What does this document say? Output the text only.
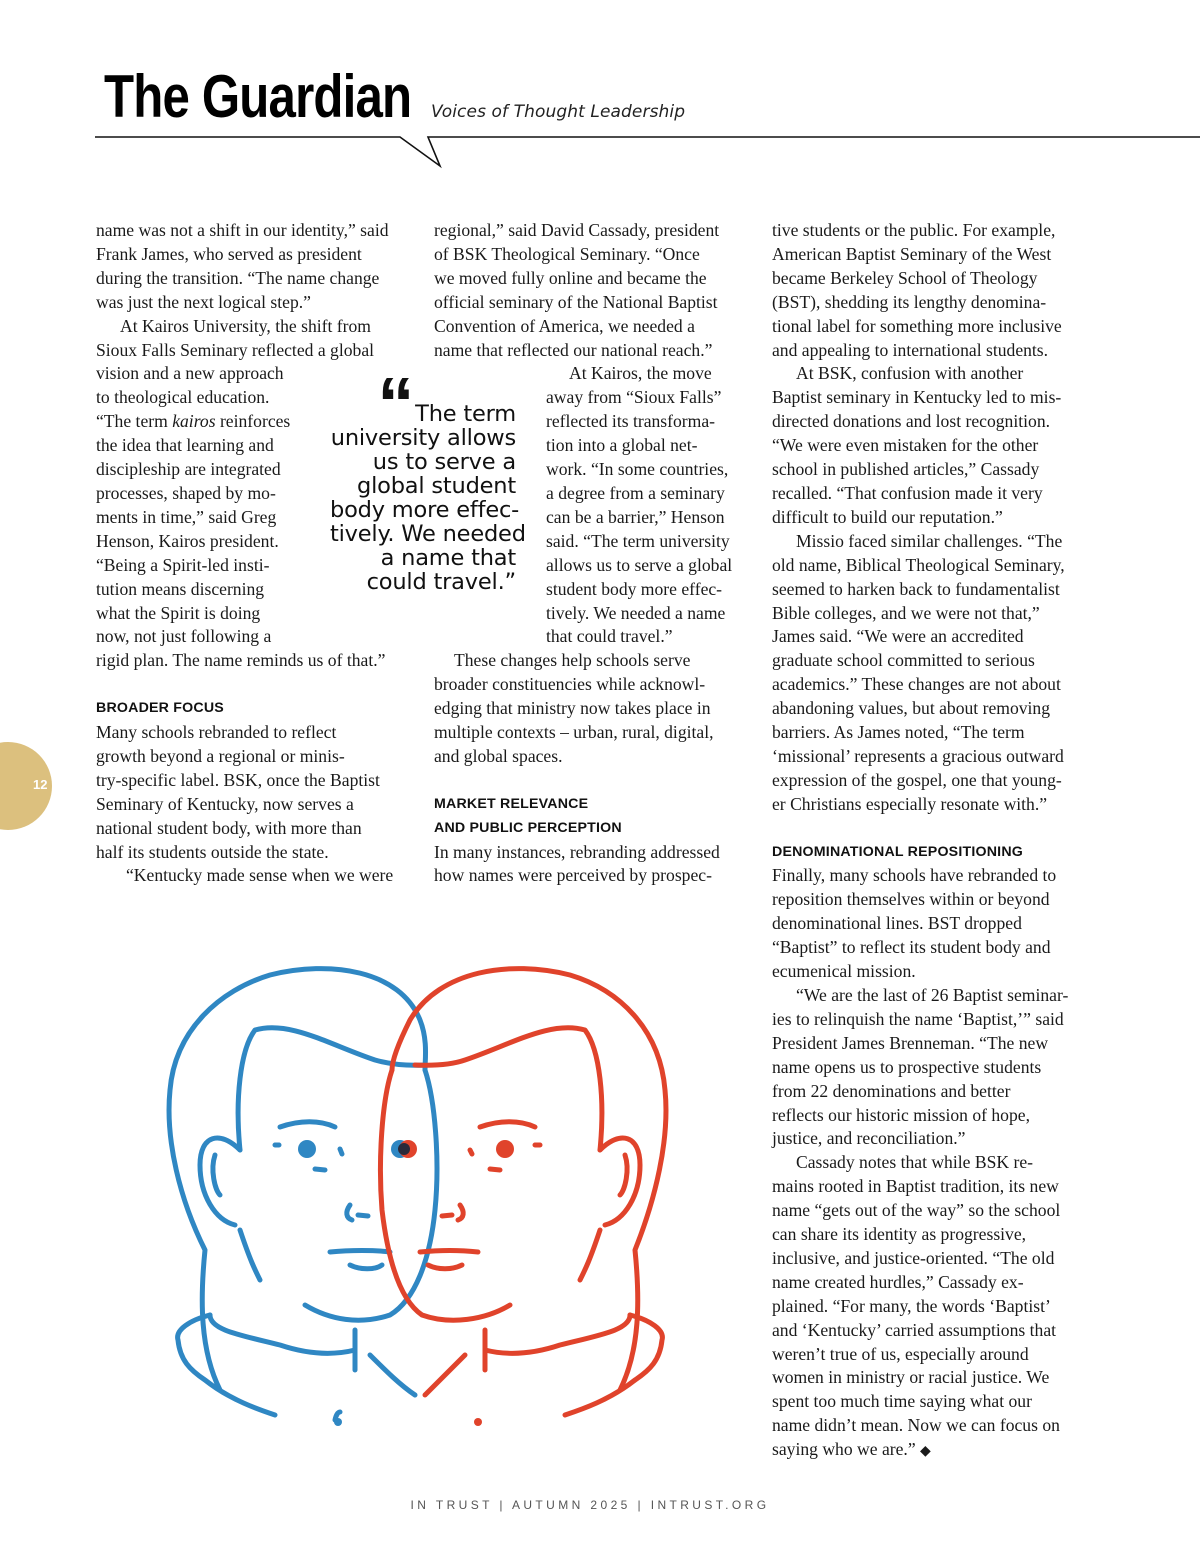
The Guardian Voices of Thought Leadership
12

name was not a shift in our identity,” said
Frank James, who served as president
during the transition. “The name change
was just the next logical step.”

At Kairos University, the shift from
Sioux Falls Seminary reflected a global
vision and a new approach
to theological education.
“The term kairos reinforces
the idea that learning and
discipleship are integrated
processes, shaped by mo-
ments in time,” said Greg
Henson, Kairos president.
“Being a Spirit-led insti-
tution means discerning
what the Spirit is doing
now, not just following a
rigid plan. The name reminds us of that.”

BROADER FOCUS

Many schools rebranded to reflect
growth beyond a regional or minis-
try-specific label. BSK, once the Baptist
Seminary of Kentucky, now serves a
national student body, with more than
half its students outside the state.

“Kentucky made sense when we were

“The term
university allows
us to serve a
global student
body more effec-
tively. We needed
a name that
could travel.”

regional,” said David Cassady, president
of BSK Theological Seminary. “Once
we moved fully online and became the
official seminary of the National Baptist
Convention of America, we needed a
name that reflected our national reach.”

At Kairos, the move
away from “Sioux Falls”
reflected its transforma-
tion into a global net-
work. “In some countries,
a degree from a seminary
can be a barrier,” Henson
said. “The term university
allows us to serve a global
student body more effec-
tively. We needed a name
that could travel.”

These changes help schools serve
broader constituencies while acknowl-
edging that ministry now takes place in
multiple contexts – urban, rural, digital,
and global spaces.

MARKET RELEVANCE
AND PUBLIC PERCEPTION

In many instances, rebranding addressed
how names were perceived by prospec-

tive students or the public. For example,
American Baptist Seminary of the West
became Berkeley School of Theology
(BST), shedding its lengthy denomina-
tional label for something more inclusive
and appealing to international students.

At BSK, confusion with another
Baptist seminary in Kentucky led to mis-
directed donations and lost recognition.
“We were even mistaken for the other
school in published articles,” Cassady
recalled. “That confusion made it very
difficult to build our reputation.”

Missio faced similar challenges. “The
old name, Biblical Theological Seminary,
seemed to harken back to fundamentalist
Bible colleges, and we were not that,”
James said. “We were an accredited
graduate school committed to serious
academics.” These changes are not about
abandoning values, but about removing
barriers. As James noted, “The term
‘missional’ represents a gracious outward
expression of the gospel, one that young-
er Christians especially resonate with.”

DENOMINATIONAL REPOSITIONING

Finally, many schools have rebranded to
reposition themselves within or beyond
denominational lines. BST dropped
“Baptist” to reflect its student body and
ecumenical mission.

“We are the last of 26 Baptist seminar-
ies to relinquish the name ‘Baptist,’” said
President James Brenneman. “The new
name opens us to prospective students
from 22 denominations and better
reflects our historic mission of hope,
justice, and reconciliation.”

Cassady notes that while BSK re-
mains rooted in Baptist tradition, its new
name “gets out of the way” so the school
can share its identity as progressive,
inclusive, and justice-oriented. “The old
name created hurdles,” Cassady ex-
plained. “For many, the words ‘Baptist’
and ‘Kentucky’ carried assumptions that
weren’t true of us, especially around
women in ministry or racial justice. We
spent too much time saying what our
name didn’t mean. Now we can focus on
saying who we are.” ◆

IN TRUST | AUTUMN 2025 | INTRUST.ORG
